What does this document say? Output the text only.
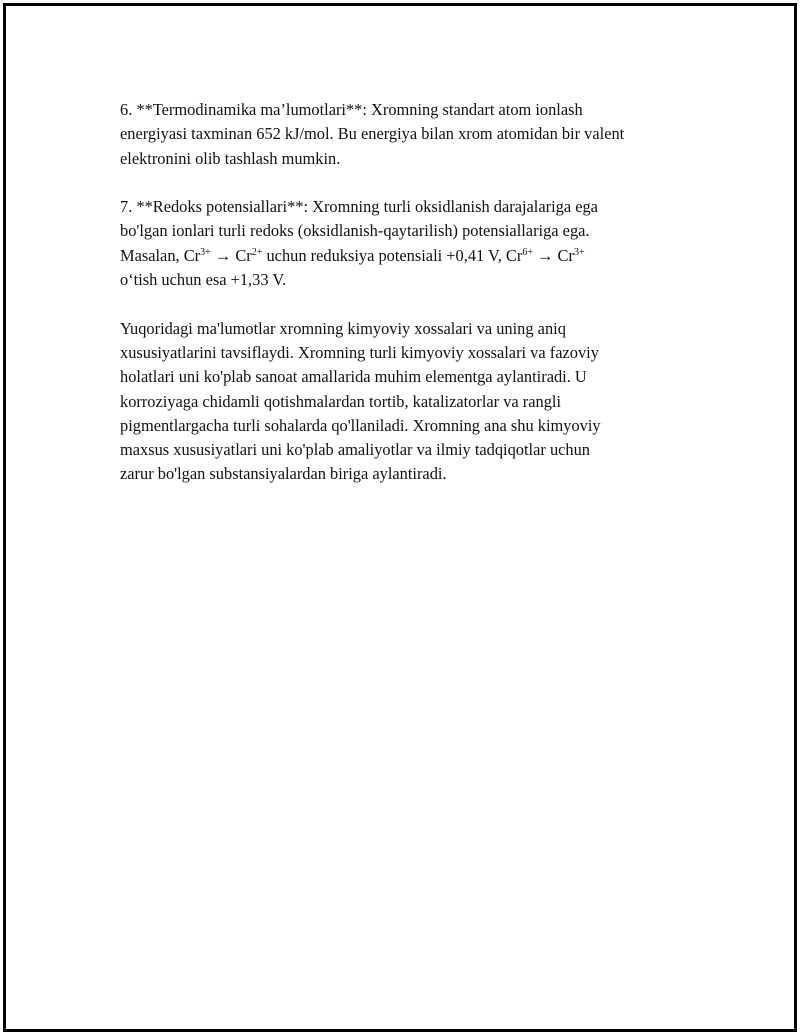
6. **Termodinamika ma’lumotlari**: Xromning standart atom ionlash
energiyasi taxminan 652 kJ/mol. Bu energiya bilan xrom atomidan bir valent
elektronini olib tashlash mumkin.

7. **Redoks potensiallari**: Xromning turli oksidlanish darajalariga ega
bo'lgan ionlari turli redoks (oksidlanish-qaytarilish) potensiallariga ega.
Masalan, $Cr^{3+} \to Cr^{2+}$ uchun reduksiya potensiali +0,41 V, $Cr^{6+} \to Cr^{3+}$
o‘tish uchun esa +1,33 V.

Yuqoridagi ma'lumotlar xromning kimyoviy xossalari va uning aniq
xususiyatlarini tavsiflaydi. Xromning turli kimyoviy xossalari va fazoviy
holatlari uni ko'plab sanoat amallarida muhim elementga aylantiradi. U
korroziyaga chidamli qotishmalardan tortib, katalizatorlar va rangli
pigmentlargacha turli sohalarda qo'llaniladi. Xromning ana shu kimyoviy
maxsus xususiyatlari uni ko'plab amaliyotlar va ilmiy tadqiqotlar uchun
zarur bo'lgan substansiyalardan biriga aylantiradi.
